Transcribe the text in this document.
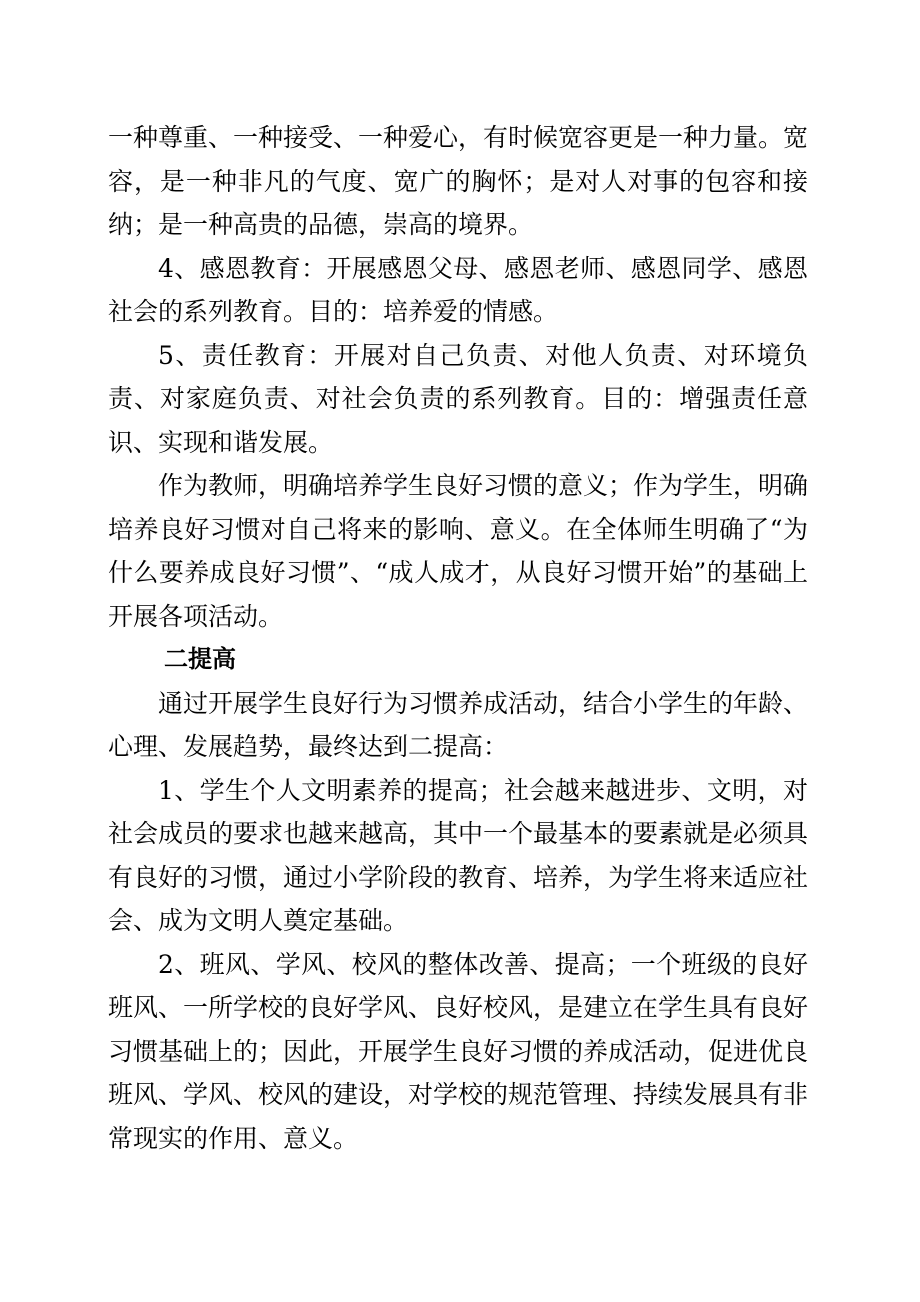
一种尊重、一种接受、一种爱心，有时候宽容更是一种力量。宽容，是一种非凡的气度、宽广的胸怀；是对人对事的包容和接纳；是一种高贵的品德，崇高的境界。

4、感恩教育：开展感恩父母、感恩老师、感恩同学、感恩社会的系列教育。目的：培养爱的情感。

5、责任教育：开展对自己负责、对他人负责、对环境负责、对家庭负责、对社会负责的系列教育。目的：增强责任意识、实现和谐发展。

作为教师，明确培养学生良好习惯的意义；作为学生，明确培养良好习惯对自己将来的影响、意义。在全体师生明确了“为什么要养成良好习惯”、“成人成才，从良好习惯开始”的基础上开展各项活动。

二提高

通过开展学生良好行为习惯养成活动，结合小学生的年龄、心理、发展趋势，最终达到二提高：

1、学生个人文明素养的提高；社会越来越进步、文明，对社会成员的要求也越来越高，其中一个最基本的要素就是必须具有良好的习惯，通过小学阶段的教育、培养，为学生将来适应社会、成为文明人奠定基础。

2、班风、学风、校风的整体改善、提高；一个班级的良好班风、一所学校的良好学风、良好校风，是建立在学生具有良好习惯基础上的；因此，开展学生良好习惯的养成活动，促进优良班风、学风、校风的建设，对学校的规范管理、持续发展具有非常现实的作用、意义。
